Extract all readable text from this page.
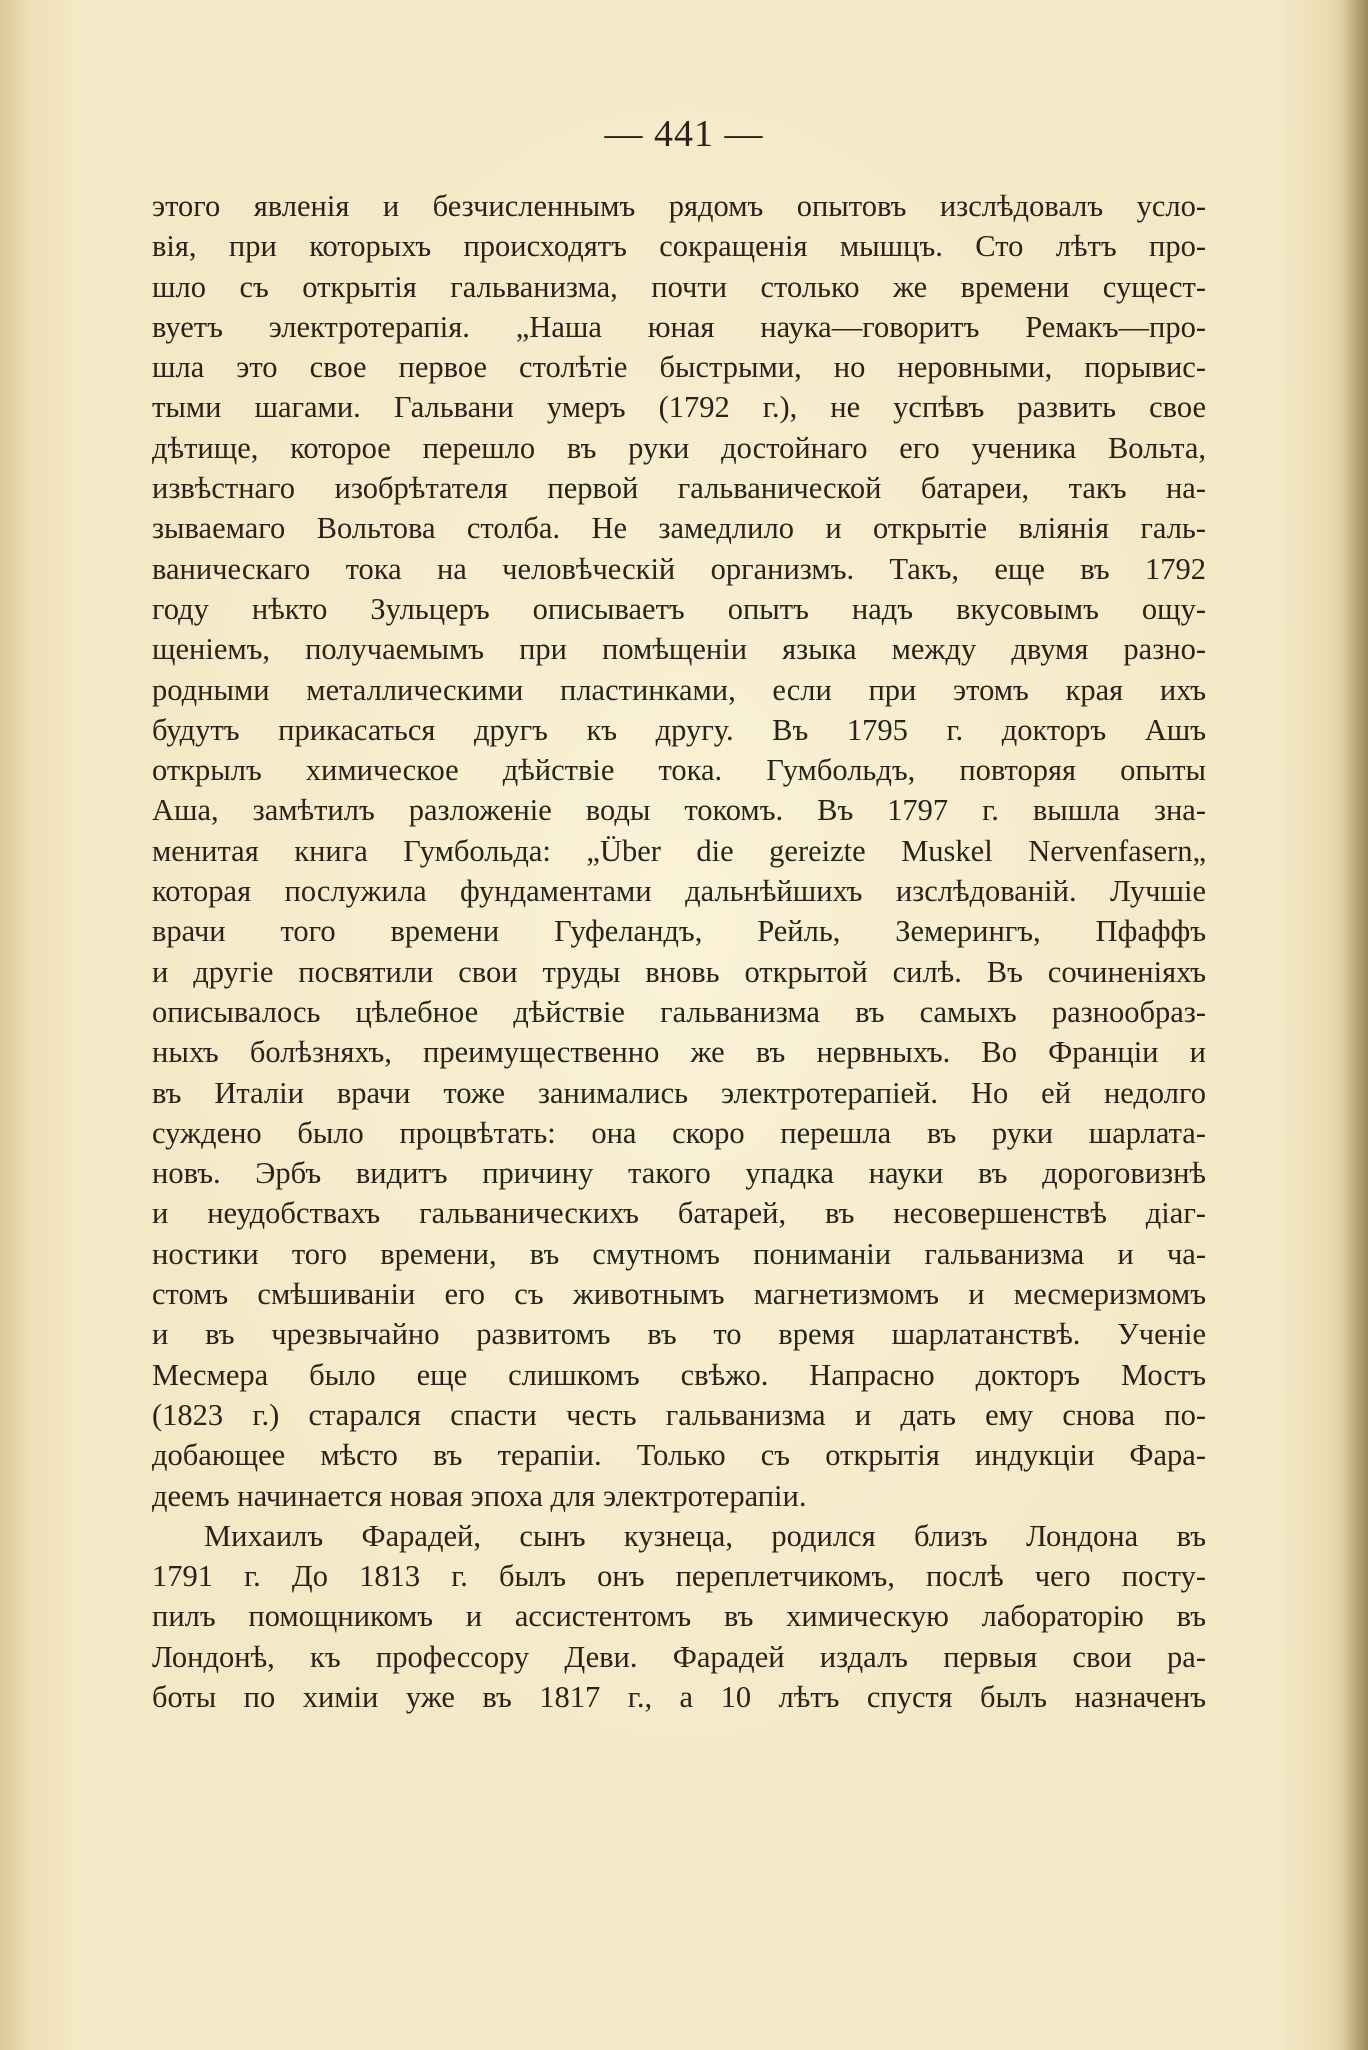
— 441 —
этого явленія и безчисленнымъ рядомъ опытовъ изслѣдовалъ усло-
вія, при которыхъ происходятъ сокращенія мышцъ. Сто лѣтъ про-
шло съ открытія гальванизма, почти столько же времени сущест-
вуетъ электротерапія. „Наша юная наука—говоритъ Ремакъ—про-
шла это свое первое столѣтіе быстрыми, но неровными, порывис-
тыми шагами. Гальвани умеръ (1792 г.), не успѣвъ развить свое
дѣтище, которое перешло въ руки достойнаго его ученика Вольта,
извѣстнаго изобрѣтателя первой гальванической батареи, такъ на-
зываемаго Вольтова столба. Не замедлило и открытіе вліянія галь-
ваническаго тока на человѣческій организмъ. Такъ, еще въ 1792
году нѣкто Зульцеръ описываетъ опытъ надъ вкусовымъ ощу-
щеніемъ, получаемымъ при помѣщеніи языка между двумя разно-
родными металлическими пластинками, если при этомъ края ихъ
будутъ прикасаться другъ къ другу. Въ 1795 г. докторъ Ашъ
открылъ химическое дѣйствіе тока. Гумбольдъ, повторяя опыты
Аша, замѣтилъ разложеніе воды токомъ. Въ 1797 г. вышла зна-
менитая книга Гумбольда: „Über die gereizte Muskel Nervenfasern„
которая послужила фундаментами дальнѣйшихъ изслѣдованій. Лучшіе
врачи того времени Гуфеландъ, Рейль, Земерингъ, Пфаффъ
и другіе посвятили свои труды вновь открытой силѣ. Въ сочиненіяхъ
описывалось цѣлебное дѣйствіе гальванизма въ самыхъ разнообраз-
ныхъ болѣзняхъ, преимущественно же въ нервныхъ. Во Франціи и
въ Италіи врачи тоже занимались электротерапіей. Но ей недолго
суждено было процвѣтать: она скоро перешла въ руки шарлата-
новъ. Эрбъ видитъ причину такого упадка науки въ дороговизнѣ
и неудобствахъ гальваническихъ батарей, въ несовершенствѣ діаг-
ностики того времени, въ смутномъ пониманіи гальванизма и ча-
стомъ смѣшиваніи его съ животнымъ магнетизмомъ и месмеризмомъ
и въ чрезвычайно развитомъ въ то время шарлатанствѣ. Ученіе
Месмера было еще слишкомъ свѣжо. Напрасно докторъ Мостъ
(1823 г.) старался спасти честь гальванизма и дать ему снова по-
добающее мѣсто въ терапіи. Только съ открытія индукціи Фара-
деемъ начинается новая эпоха для электротерапіи.
Михаилъ Фарадей, сынъ кузнеца, родился близъ Лондона въ
1791 г. До 1813 г. былъ онъ переплетчикомъ, послѣ чего посту-
пилъ помощникомъ и ассистентомъ въ химическую лабораторію въ
Лондонѣ, къ профессору Деви. Фарадей издалъ первыя свои ра-
боты по химіи уже въ 1817 г., а 10 лѣтъ спустя былъ назначенъ
